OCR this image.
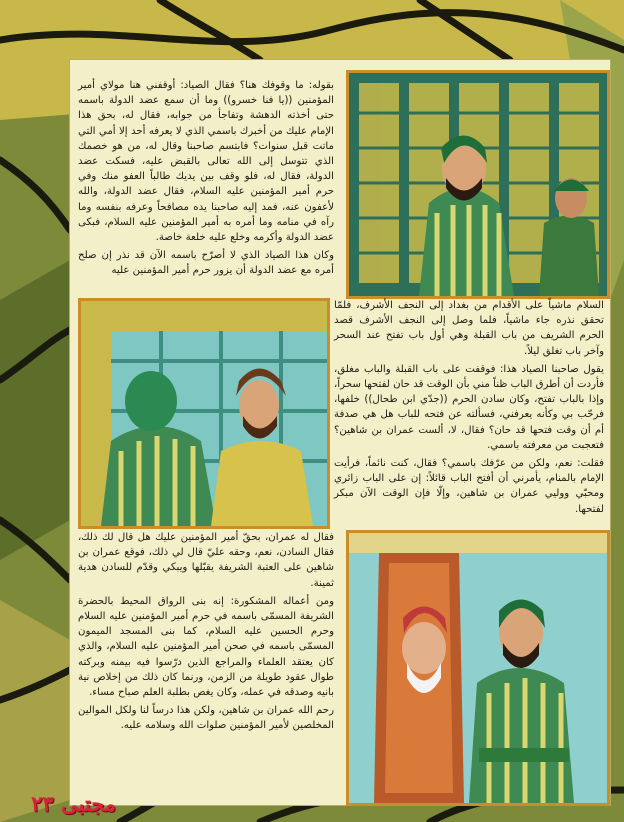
بقوله: ما وقوفك هنا؟ فقال الصياد: أوقفني هنا مولاي أمير المؤمنين ((يا فنا خسرو)) وما أن سمع عضد الدولة باسمه حتى أخذته الدهشة وتفاجأ من جوابه، فقال له، بحق هذا الإمام عليك من أخبرك باسمي الذي لا يعرفه أحد إلا أمي التي ماتت قبل سنوات؟ فابتسم صاحبنا وقال له، من هو خصمك الذي تتوسل إلى الله تعالى بالقبض عليه، فسكت عضد الدولة، فقال له، فلو وقف بين يديك طالباً العفو منك وفي حرم أمير المؤمنين عليه السلام، فقال عضد الدولة، والله لأعفون عنه، فمد إليه صاحبنا يده مصافحاً وعرفه بنفسه وما رآه في منامه وما أمره به أمير المؤمنين عليه السلام، فبكى عضد الدولة وأكرمه وخلع عليه خلعة خاصة.

وكان هذا الصياد الذي لا أصرّح باسمه الآن قد نذر إن صلح أمره مع عضد الدولة أن يزور حرم أمير المؤمنين عليه

السلام ماشياً على الأقدام من بغداد إلى النجف الأشرف، فلمّا تحقق نذره جاء ماشياً، فلما وصل إلى النجف الأشرف قصد الحرم الشريف من باب القبلة وهي أول باب تفتح عند السحر وآخر باب تغلق ليلاً.

يقول صاحبنا الصياد هذا: فوقفت على باب القبلة والباب مغلق، فأردت أن أطرق الباب ظناً مني بأن الوقت قد حان لفتحها سحراً، وإذا بالباب تفتح، وكان سادن الحرم ((جدّي ابن طحال)) خلفها، فرحّب بي وكأنه يعرفني، فسألته عن فتحه للباب هل هي صدفة أم أن وقت فتحها قد حان؟ فقال، لا، ألست عمران بن شاهين؟ فتعجبت من معرفته باسمي.

فقلت: نعم، ولكن من عرّفك باسمي؟ فقال، كنت نائماً، فرأيت الإمام بالمنام، يأمرني أن أفتح الباب قائلاً: إن على الباب زائري ومحبّي ووليي عمران بن شاهين، وإلّا فإن الوقت الآن مبكر لفتحها.

فقال له عمران، بحقّ أمير المؤمنين عليك هل قال لك ذلك، فقال السادن، نعم، وحقه عليّ قال لي ذلك، فوقع عمران بن شاهين على العتبة الشريفة يقبّلها ويبكي وقدّم للسادن هدية ثمينة.

ومن أعماله المشكورة: إنه بنى الرواق المحيط بالحضرة الشريفة المسمّى باسمه في حرم أمير المؤمنين عليه السلام وحرم الحسين عليه السلام، كما بنى المسجد الميمون المسمّى باسمه في صحن أمير المؤمنين عليه السلام، والذي كان يعتقد العلماء والمراجع الذين درّسوا فيه بيمنه وبركته طوال عقود طويلة من الزمن، ورنما كان ذلك من إخلاص نية بانيه وصدقه في عمله، وكان يغص بطلبة العلم صباح مساء.

رحم الله عمران بن شاهين، ولكن هذا درساً لنا ولكل الموالين المخلصين لأمير المؤمنين صلوات الله وسلامه عليه.

مجتبى ٢٣
